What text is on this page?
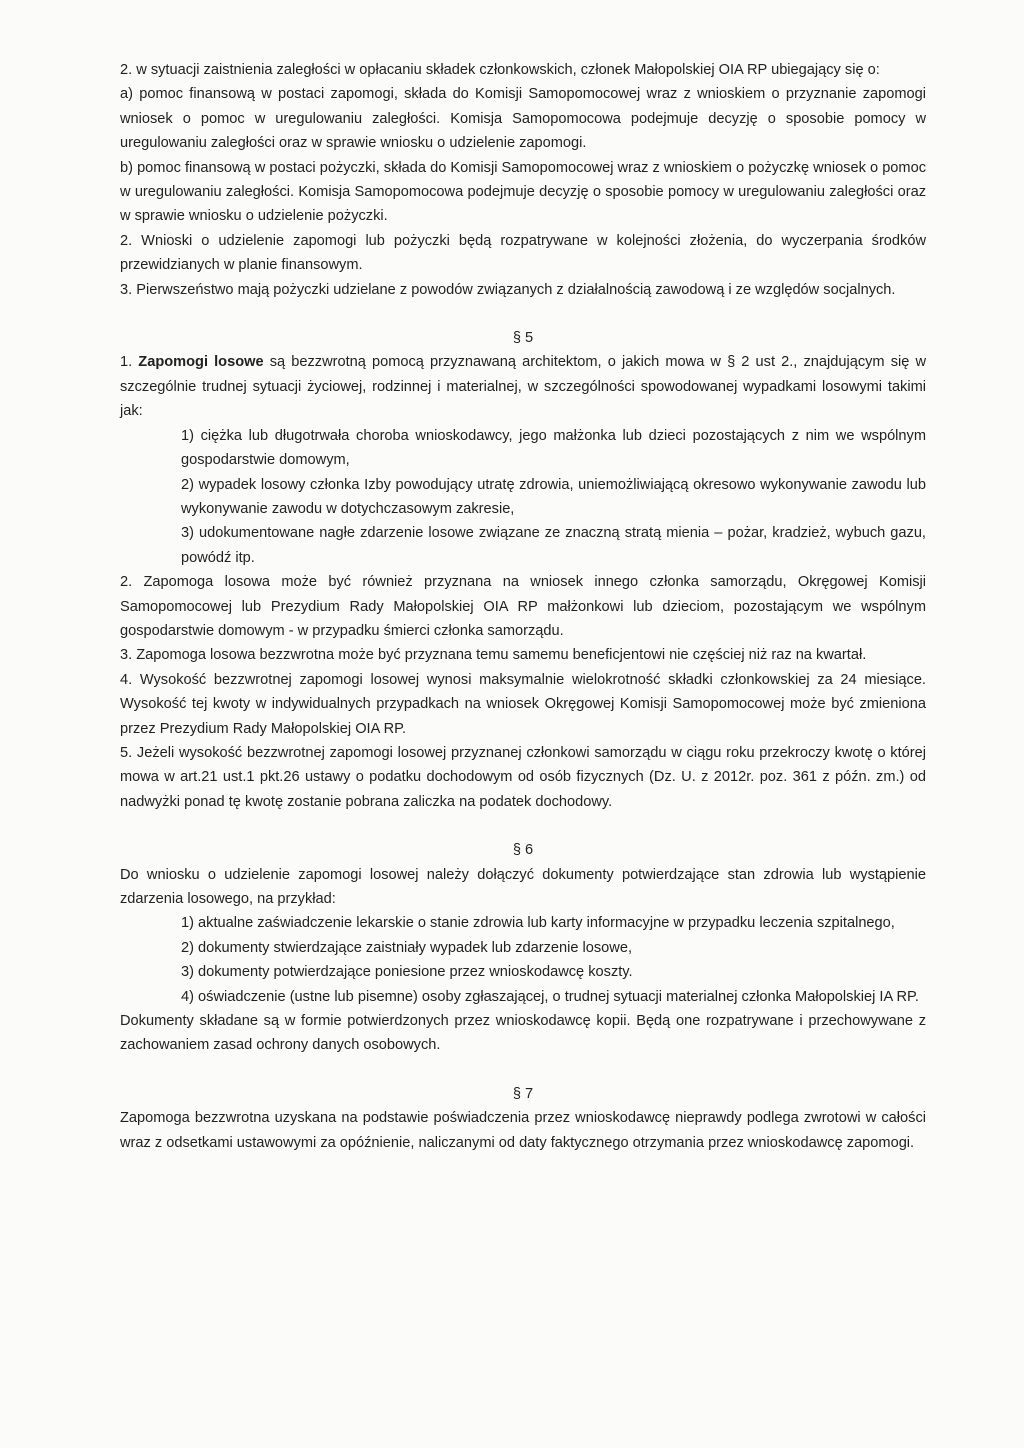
2. w sytuacji zaistnienia zaległości w opłacaniu składek członkowskich, członek Małopolskiej OIA RP ubiegający się o:

a) pomoc finansową w postaci zapomogi, składa do Komisji Samopomocowej wraz z wnioskiem o przyznanie zapomogi wniosek o pomoc w uregulowaniu zaległości. Komisja Samopomocowa podejmuje decyzję o sposobie pomocy w uregulowaniu zaległości oraz w sprawie wniosku o udzielenie zapomogi.

b) pomoc finansową w postaci pożyczki, składa do Komisji Samopomocowej wraz z wnioskiem o pożyczkę wniosek o pomoc w uregulowaniu zaległości. Komisja Samopomocowa podejmuje decyzję o sposobie pomocy w uregulowaniu zaległości oraz w sprawie wniosku o udzielenie pożyczki.

2. Wnioski o udzielenie zapomogi lub pożyczki będą rozpatrywane w kolejności złożenia, do wyczerpania środków przewidzianych w planie finansowym.

3. Pierwszeństwo mają pożyczki udzielane z powodów związanych z działalnością zawodową i ze względów socjalnych.

§ 5

1. Zapomogi losowe są bezzwrotną pomocą przyznawaną architektom, o jakich mowa w § 2 ust 2., znajdującym się w szczególnie trudnej sytuacji życiowej, rodzinnej i materialnej, w szczególności spowodowanej wypadkami losowymi takimi jak:

1) ciężka lub długotrwała choroba wnioskodawcy, jego małżonka lub dzieci pozostających z nim we wspólnym gospodarstwie domowym,

2) wypadek losowy członka Izby powodujący utratę zdrowia, uniemożliwiającą okresowo wykonywanie zawodu lub wykonywanie zawodu w dotychczasowym zakresie,

3) udokumentowane nagłe zdarzenie losowe związane ze znaczną stratą mienia – pożar, kradzież, wybuch gazu, powódź itp.

2. Zapomoga losowa może być również przyznana na wniosek innego członka samorządu, Okręgowej Komisji Samopomocowej lub Prezydium Rady Małopolskiej OIA RP małżonkowi lub dzieciom, pozostającym we wspólnym gospodarstwie domowym - w przypadku śmierci członka samorządu.

3. Zapomoga losowa bezzwrotna może być przyznana temu samemu beneficjentowi nie częściej niż raz na kwartał.

4. Wysokość bezzwrotnej zapomogi losowej wynosi maksymalnie wielokrotność składki członkowskiej za 24 miesiące. Wysokość tej kwoty w indywidualnych przypadkach na wniosek Okręgowej Komisji Samopomocowej może być zmieniona przez Prezydium Rady Małopolskiej OIA RP.

5. Jeżeli wysokość bezzwrotnej zapomogi losowej przyznanej członkowi samorządu w ciągu roku przekroczy kwotę o której mowa w art.21 ust.1 pkt.26 ustawy o podatku dochodowym od osób fizycznych (Dz. U. z 2012r. poz. 361 z późn. zm.) od nadwyżki ponad tę kwotę zostanie pobrana zaliczka na podatek dochodowy.

§ 6

Do wniosku o udzielenie zapomogi losowej należy dołączyć dokumenty potwierdzające stan zdrowia lub wystąpienie zdarzenia losowego, na przykład:

1) aktualne zaświadczenie lekarskie o stanie zdrowia lub karty informacyjne w przypadku leczenia szpitalnego,

2) dokumenty stwierdzające zaistniały wypadek lub zdarzenie losowe,

3) dokumenty potwierdzające poniesione przez wnioskodawcę koszty.

4) oświadczenie (ustne lub pisemne) osoby zgłaszającej, o trudnej sytuacji materialnej członka Małopolskiej IA RP.

Dokumenty składane są w formie potwierdzonych przez wnioskodawcę kopii. Będą one rozpatrywane i przechowywane z zachowaniem zasad ochrony danych osobowych.

§ 7

Zapomoga bezzwrotna uzyskana na podstawie poświadczenia przez wnioskodawcę nieprawdy podlega zwrotowi w całości wraz z odsetkami ustawowymi za opóźnienie, naliczanymi od daty faktycznego otrzymania przez wnioskodawcę zapomogi.
